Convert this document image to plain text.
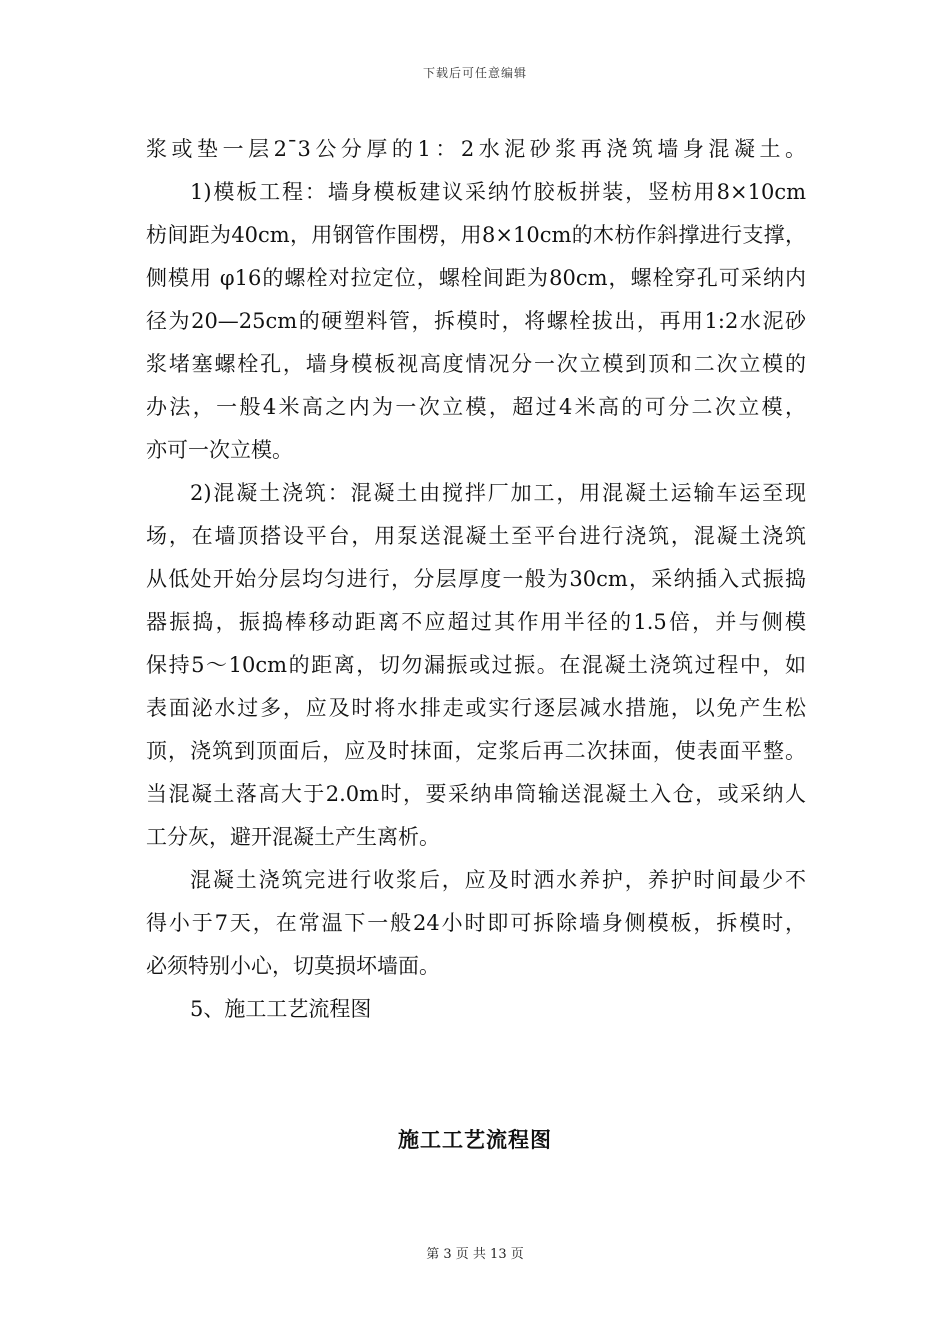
下载后可任意编辑
浆或垫一层2¯3公分厚的1：2水泥砂浆再浇筑墙身混凝土。
1)模板工程：墙身模板建议采纳竹胶板拼装，竖枋用8×10cm
枋间距为40cm，用钢管作围楞，用8×10cm的木枋作斜撑进行支撑，
侧模用 φ16的螺栓对拉定位，螺栓间距为80cm，螺栓穿孔可采纳内
径为20—25cm的硬塑料管，拆模时，将螺栓拔出，再用1:2水泥砂
浆堵塞螺栓孔，墙身模板视高度情况分一次立模到顶和二次立模的
办法，一般4米高之内为一次立模，超过4米高的可分二次立模，
亦可一次立模。
2)混凝土浇筑：混凝土由搅拌厂加工，用混凝土运输车运至现
场，在墙顶搭设平台，用泵送混凝土至平台进行浇筑，混凝土浇筑
从低处开始分层均匀进行，分层厚度一般为30cm，采纳插入式振捣
器振捣，振捣棒移动距离不应超过其作用半径的1.5倍，并与侧模
保持5～10cm的距离，切勿漏振或过振。在混凝土浇筑过程中，如
表面泌水过多，应及时将水排走或实行逐层减水措施，以免产生松
顶，浇筑到顶面后，应及时抹面，定浆后再二次抹面，使表面平整。
当混凝土落高大于2.0m时，要采纳串筒输送混凝土入仓，或采纳人
工分灰，避开混凝土产生离析。
混凝土浇筑完进行收浆后，应及时洒水养护，养护时间最少不
得小于7天，在常温下一般24小时即可拆除墙身侧模板，拆模时，
必须特别小心，切莫损坏墙面。
5、施工工艺流程图
施工工艺流程图
第 3 页 共 13 页
